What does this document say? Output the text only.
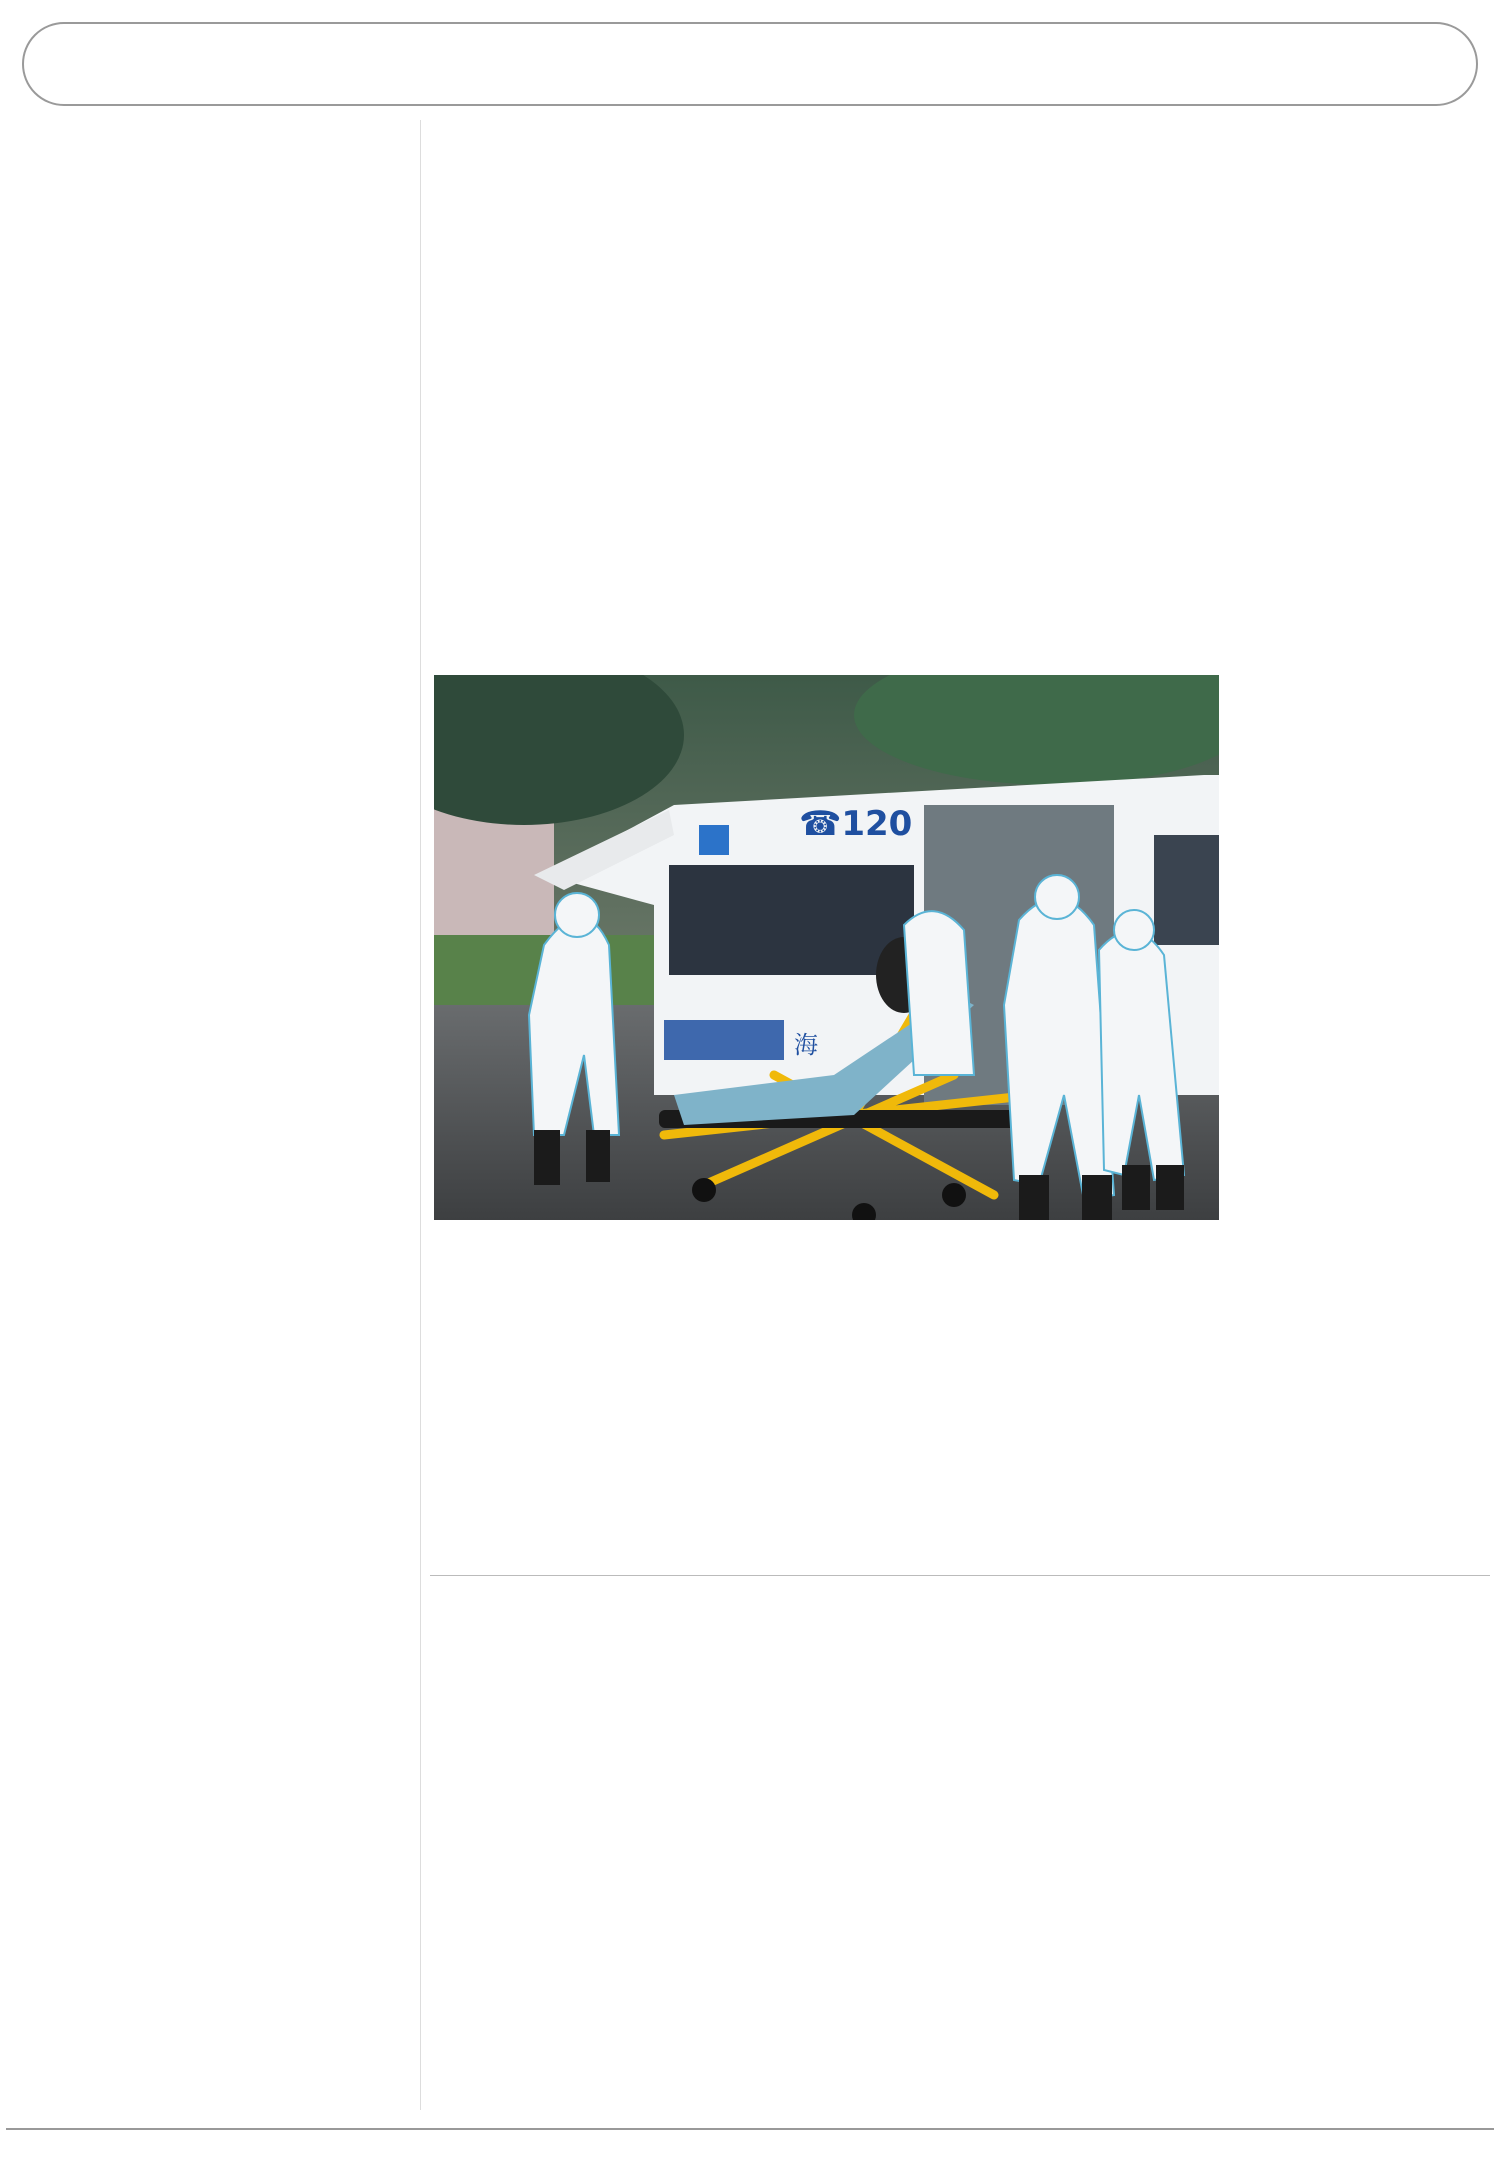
☎120
海
